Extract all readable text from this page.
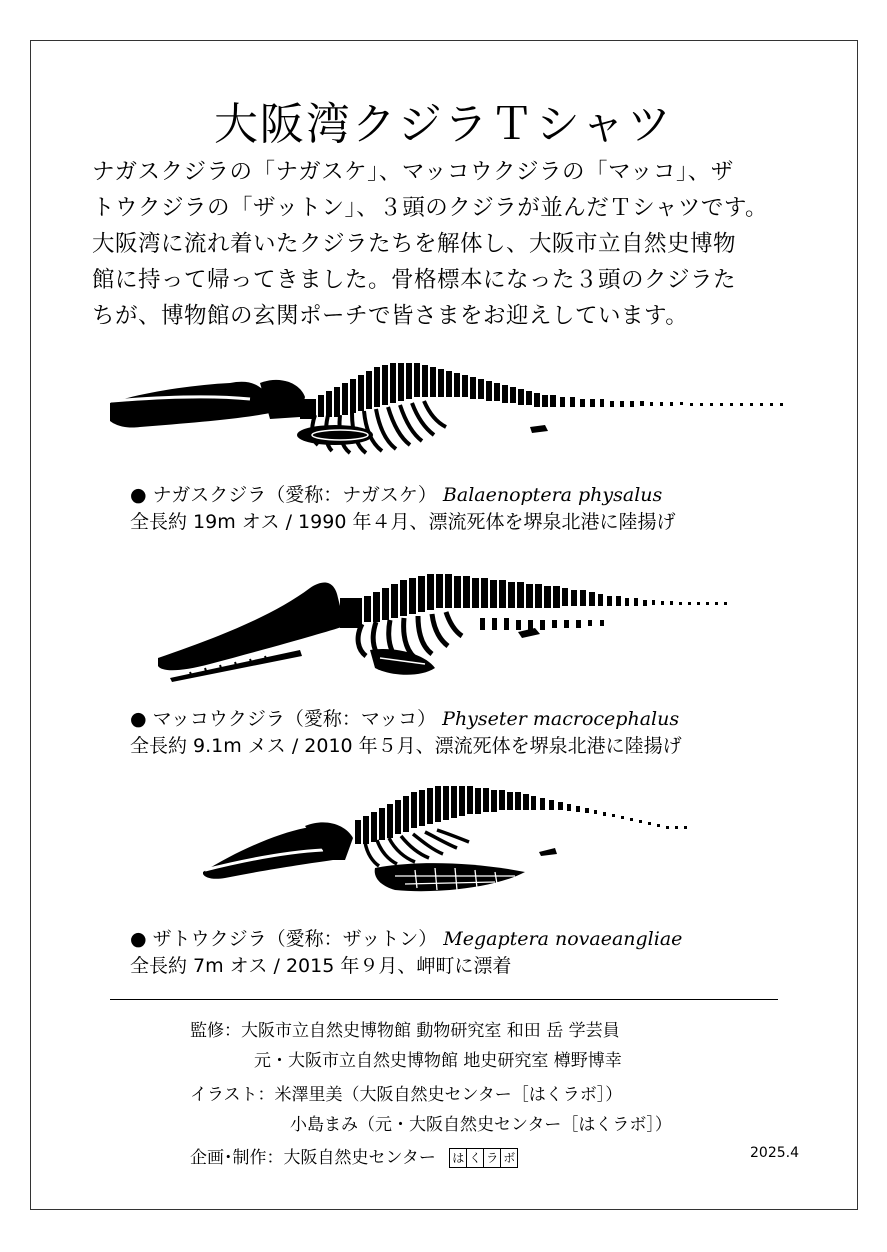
大阪湾クジラＴシャツ

ナガスクジラの「ナガスケ」、マッコウクジラの「マッコ」、ザ
トウクジラの「ザットン」、３頭のクジラが並んだＴシャツです。
大阪湾に流れ着いたクジラたちを解体し、大阪市立自然史博物
館に持って帰ってきました。骨格標本になった３頭のクジラた
ちが、博物館の玄関ポーチで皆さまをお迎えしています。

● ナガスクジラ（愛称：ナガスケ） Balaenoptera physalus
全長約 19m オス / 1990 年４月、漂流死体を堺泉北港に陸揚げ
● マッコウクジラ（愛称：マッコ） Physeter macrocephalus
全長約 9.1m メス / 2010 年５月、漂流死体を堺泉北港に陸揚げ
● ザトウクジラ（愛称：ザットン） Megaptera novaeangliae
全長約 7m オス / 2015 年９月、岬町に漂着
監修：大阪市立自然史博物館 動物研究室 和田 岳 学芸員
元・大阪市立自然史博物館 地史研究室 樽野博幸
イラスト：米澤里美（大阪自然史センター［はくラボ］）
小島まみ（元・大阪自然史センター［はくラボ］）
企画･制作：大阪自然史センター は く ラ ボ	2025.4
